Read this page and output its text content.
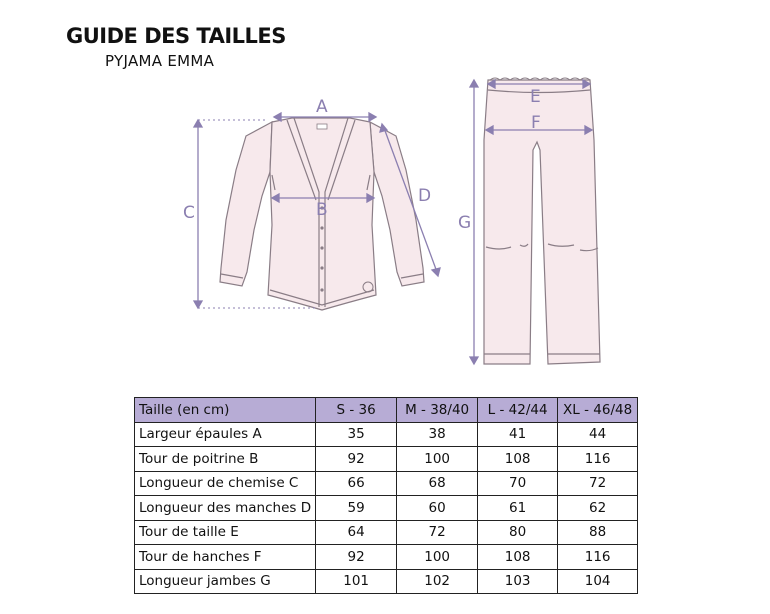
GUIDE DES TAILLES
PYJAMA EMMA
A
B
C
D
E
F
G
Taille (en cm)	S - 36	M - 38/40	L - 42/44	XL - 46/48
Largeur épaules A	35	38	41	44
Tour de poitrine B	92	100	108	116
Longueur de chemise C	66	68	70	72
Longueur des manches D	59	60	61	62
Tour de taille E	64	72	80	88
Tour de hanches F	92	100	108	116
Longueur jambes G	101	102	103	104
